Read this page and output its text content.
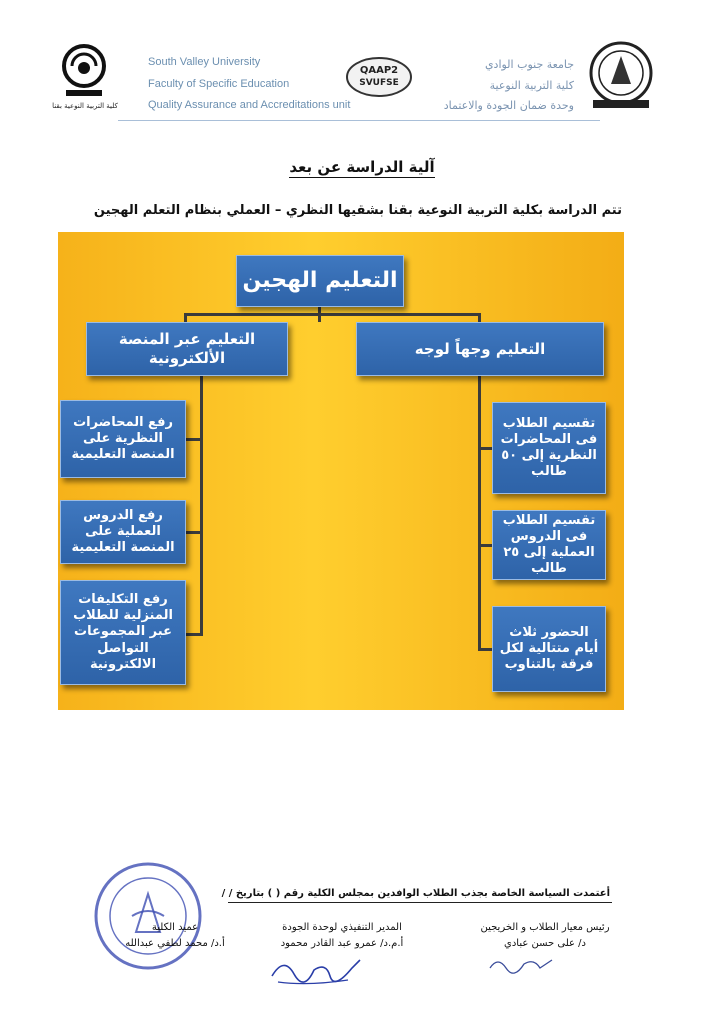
كلية التربية النوعية بقنا
South Valley University
Faculty of Specific Education
Quality Assurance and Accreditations unit
QAAP2
SVUFSE
جامعة جنوب الوادي
كلية التربية النوعية
وحدة ضمان الجودة والاعتماد
آلية الدراسة عن بعد
تتم الدراسة بكلية التربية النوعية بقنا بشقيها النظري – العملي بنظام التعلم الهجين
التعليم الهجين
التعليم عبر المنصة الألكترونية
التعليم وجهاً لوجه
رفع المحاضرات النظرية على المنصة التعليمية
رفع الدروس العملية على المنصة التعليمية
رفع التكليفات المنزلية للطلاب عبر المجموعات التواصل الالكترونية
تقسيم الطلاب فى المحاضرات النظرية إلى ٥٠ طالب
تقسيم الطلاب فى الدروس العملية إلى ٢٥ طالب
الحضور ثلاث أيام متتالية لكل فرقة بالتناوب
أعتمدت السياسة الخاصة بجذب الطلاب الوافدين بمجلس الكلية رقم ( ) بتاريخ / /
رئيس معيار الطلاب و الخريجين
د/ على حسن عبادي
المدير التنفيذي لوحدة الجودة
أ.م.د/ عمرو عبد القادر محمود
عميد الكلية
أ.د/ محمد لطفي عبدالله
